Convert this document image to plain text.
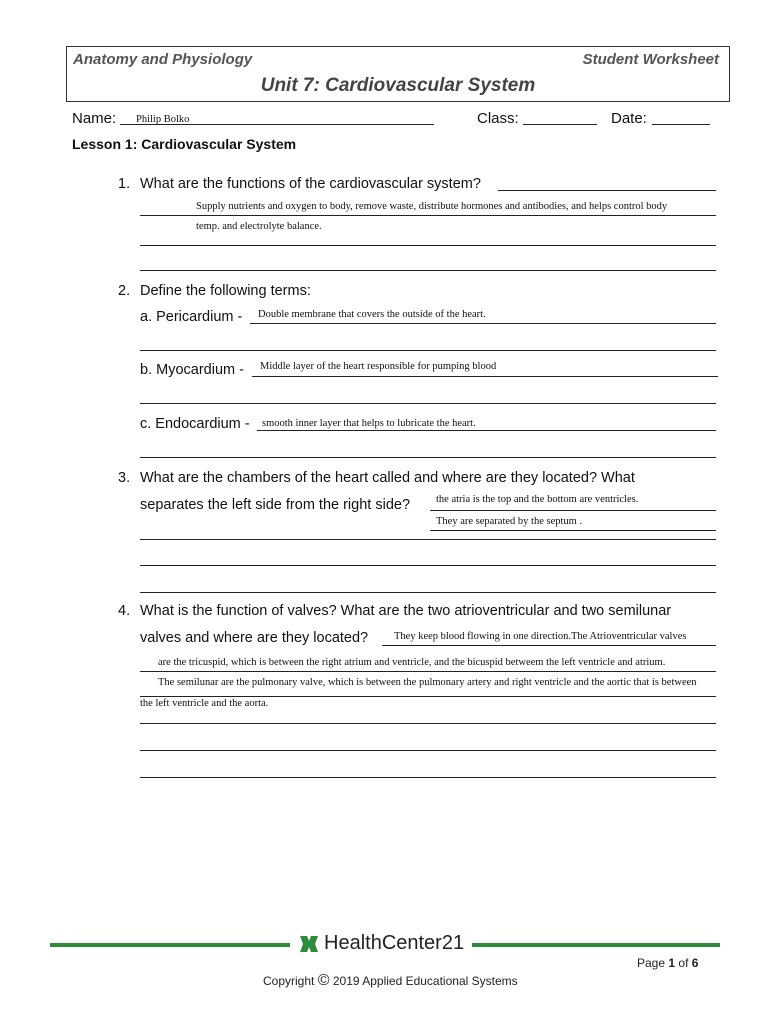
Anatomy and Physiology	Student Worksheet
Unit 7: Cardiovascular System
Name: Philip Bolko	Class:	Date:
Lesson 1: Cardiovascular System
1. What are the functions of the cardiovascular system?
Supply nutrients and oxygen to body, remove waste, distribute hormones and antibodies, and helps control body
temp. and electrolyte balance.
2. Define the following terms:
a. Pericardium - Double membrane that covers the outside of the heart.
b. Myocardium - Middle layer of the heart responsible for pumping blood
c. Endocardium - smooth inner layer that helps to lubricate the heart.
3. What are the chambers of the heart called and where are they located? What
separates the left side from the right side? the atria is the top and the bottom are ventricles.
They are separated by the septum .
4. What is the function of valves? What are the two atrioventricular and two semilunar
valves and where are they located? They keep blood flowing in one direction.The Atrioventricular valves
are the tricuspid, which is between the right atrium and ventricle, and the bicuspid betweem the left ventricle and atrium.
The semilunar are the pulmonary valve, which is between the pulmonary artery and right ventricle and the aortic that is between
the left ventricle and the aorta.
HealthCenter21
Page 1 of 6
Copyright © 2019 Applied Educational Systems
